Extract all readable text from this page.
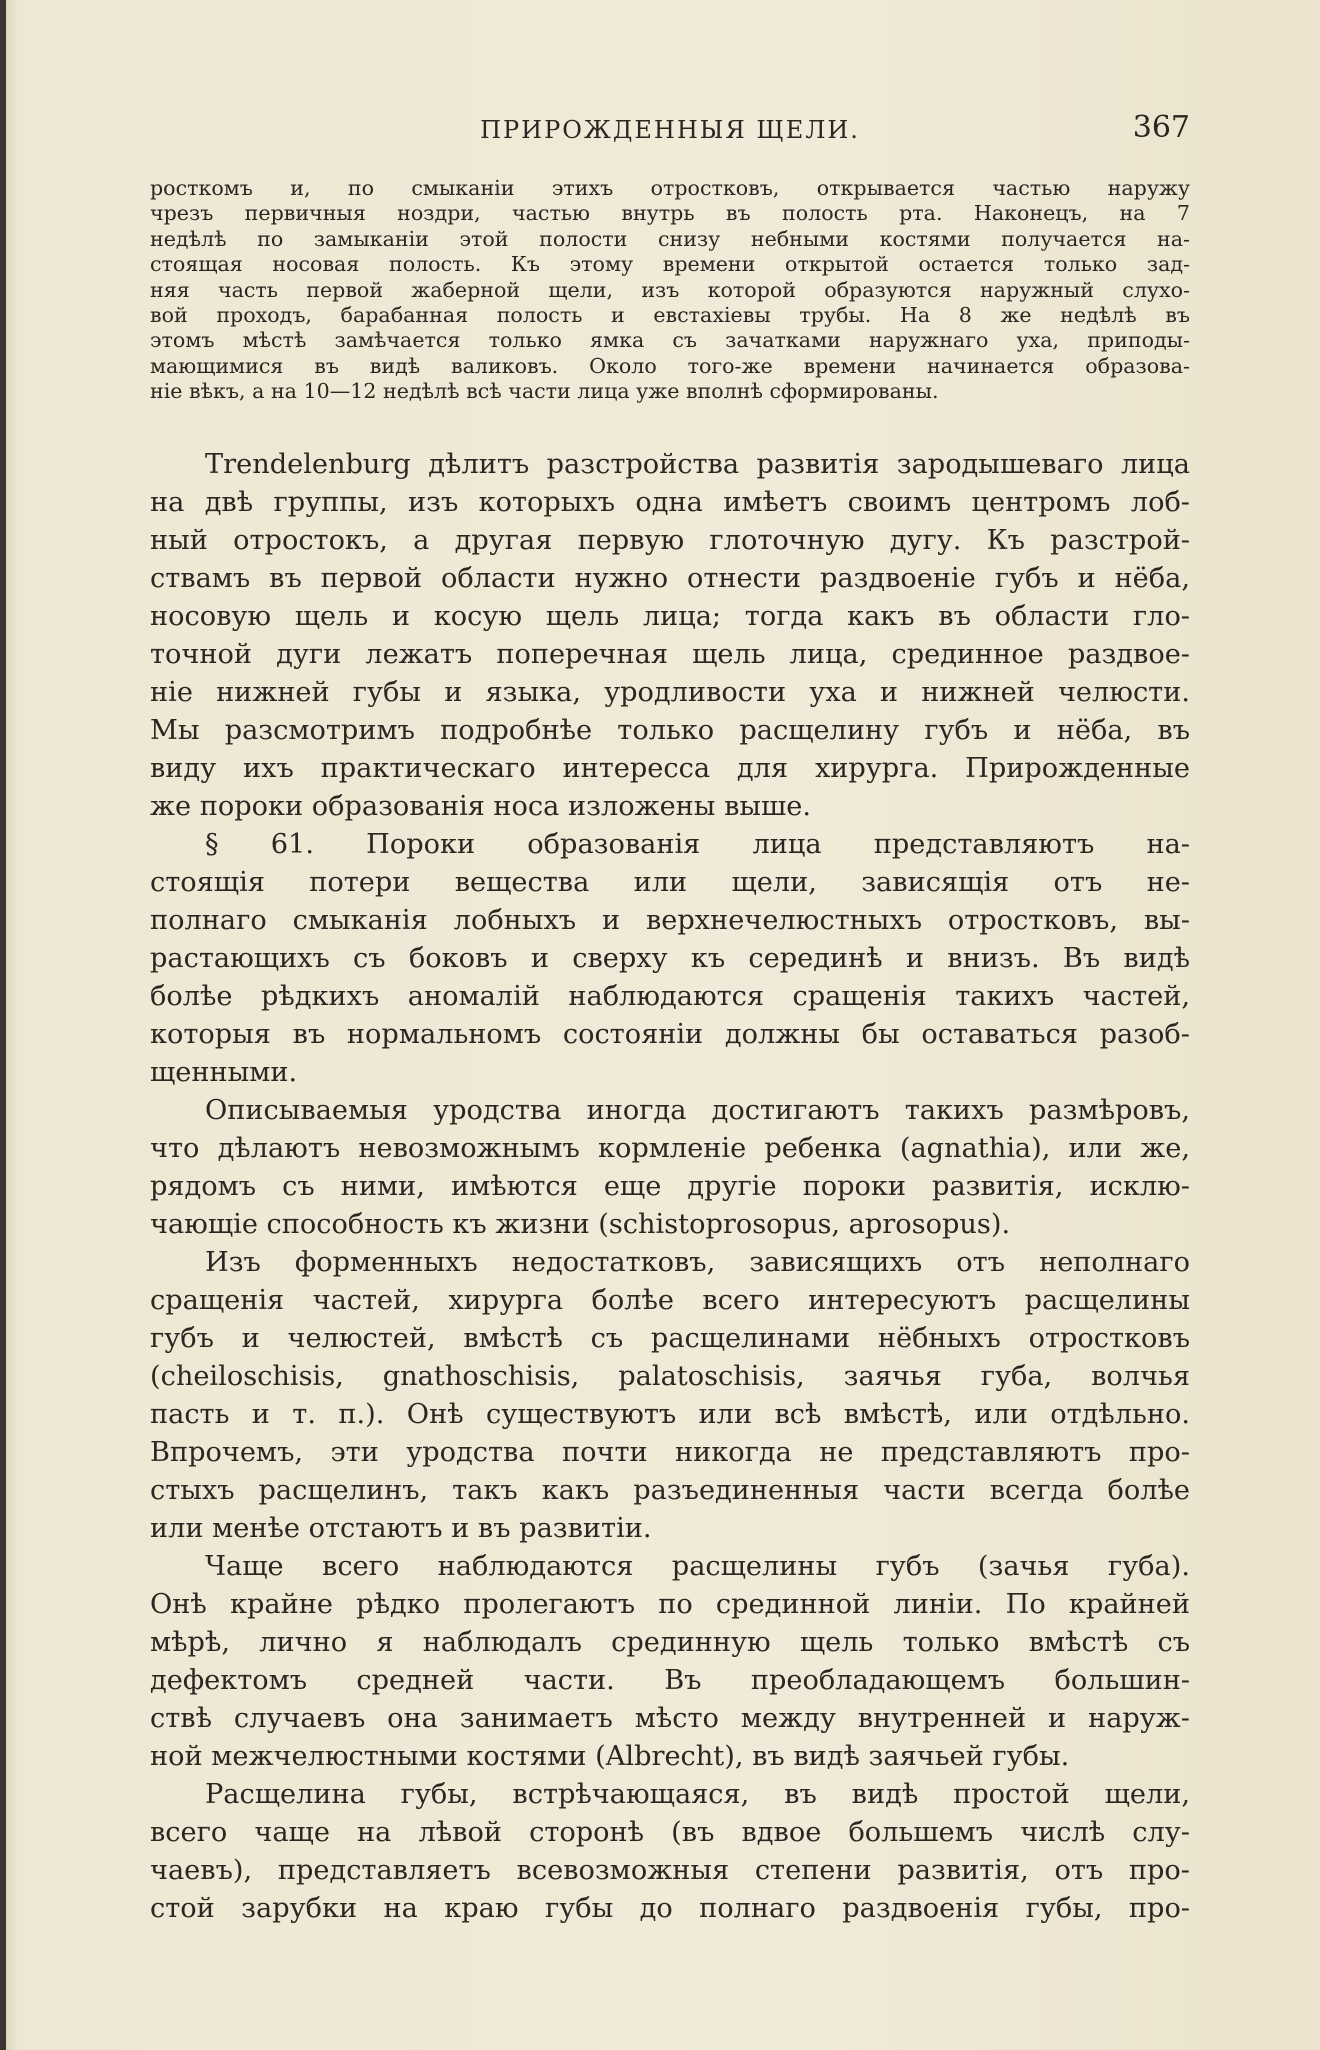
ПРИРОЖДЕННЫЯ ЩЕЛИ.	367
росткомъ и, по смыканіи этихъ отростковъ, открывается частью наружу
чрезъ первичныя ноздри, частью внутрь въ полость рта. Наконецъ, на 7
недѣлѣ по замыканіи этой полости снизу небными костями получается на-
стоящая носовая полость. Къ этому времени открытой остается только зад-
няя часть первой жаберной щели, изъ которой образуются наружный слухо-
вой проходъ, барабанная полость и евстахіевы трубы. На 8 же недѣлѣ въ
этомъ мѣстѣ замѣчается только ямка съ зачатками наружнаго уха, приподы-
мающимися въ видѣ валиковъ. Около того-же времени начинается образова-
ніе вѣкъ, а на 10—12 недѣлѣ всѣ части лица уже вполнѣ сформированы.
Trendelenburg дѣлитъ разстройства развитія зародышеваго лица
на двѣ группы, изъ которыхъ одна имѣетъ своимъ центромъ лоб-
ный отростокъ, а другая первую глоточную дугу. Къ разстрой-
ствамъ въ первой области нужно отнести раздвоеніе губъ и нёба,
носовую щель и косую щель лица; тогда какъ въ области гло-
точной дуги лежатъ поперечная щель лица, срединное раздвое-
ніе нижней губы и языка, уродливости уха и нижней челюсти.
Мы разсмотримъ подробнѣе только расщелину губъ и нёба, въ
виду ихъ практическаго интересса для хирурга. Прирожденные
же пороки образованія носа изложены выше.
§ 61. Пороки образованія лица представляютъ на-
стоящія потери вещества или щели, зависящія отъ не-
полнаго смыканія лобныхъ и верхнечелюстныхъ отростковъ, вы-
растающихъ съ боковъ и сверху къ серединѣ и внизъ. Въ видѣ
болѣе рѣдкихъ аномалій наблюдаются сращенія такихъ частей,
которыя въ нормальномъ состояніи должны бы оставаться разоб-
щенными.
Описываемыя уродства иногда достигаютъ такихъ размѣровъ,
что дѣлаютъ невозможнымъ кормленіе ребенка (agnathia), или же,
рядомъ съ ними, имѣются еще другіе пороки развитія, исклю-
чающіе способность къ жизни (schistoprosopus, aprosopus).
Изъ форменныхъ недостатковъ, зависящихъ отъ неполнаго
сращенія частей, хирурга болѣе всего интересуютъ расщелины
губъ и челюстей, вмѣстѣ съ расщелинами нёбныхъ отростковъ
(cheiloschisis, gnathoschisis, palatoschisis, заячья губа, волчья
пасть и т. п.). Онѣ существуютъ или всѣ вмѣстѣ, или отдѣльно.
Впрочемъ, эти уродства почти никогда не представляютъ про-
стыхъ расщелинъ, такъ какъ разъединенныя части всегда болѣе
или менѣе отстаютъ и въ развитіи.
Чаще всего наблюдаются расщелины губъ (зачья губа).
Онѣ крайне рѣдко пролегаютъ по срединной линіи. По крайней
мѣрѣ, лично я наблюдалъ срединную щель только вмѣстѣ съ
дефектомъ средней части. Въ преобладающемъ большин-
ствѣ случаевъ она занимаетъ мѣсто между внутренней и наруж-
ной межчелюстными костями (Albrecht), въ видѣ заячьей губы.
Расщелина губы, встрѣчающаяся, въ видѣ простой щели,
всего чаще на лѣвой сторонѣ (въ вдвое большемъ числѣ слу-
чаевъ), представляетъ всевозможныя степени развитія, отъ про-
стой зарубки на краю губы до полнаго раздвоенія губы, про-
